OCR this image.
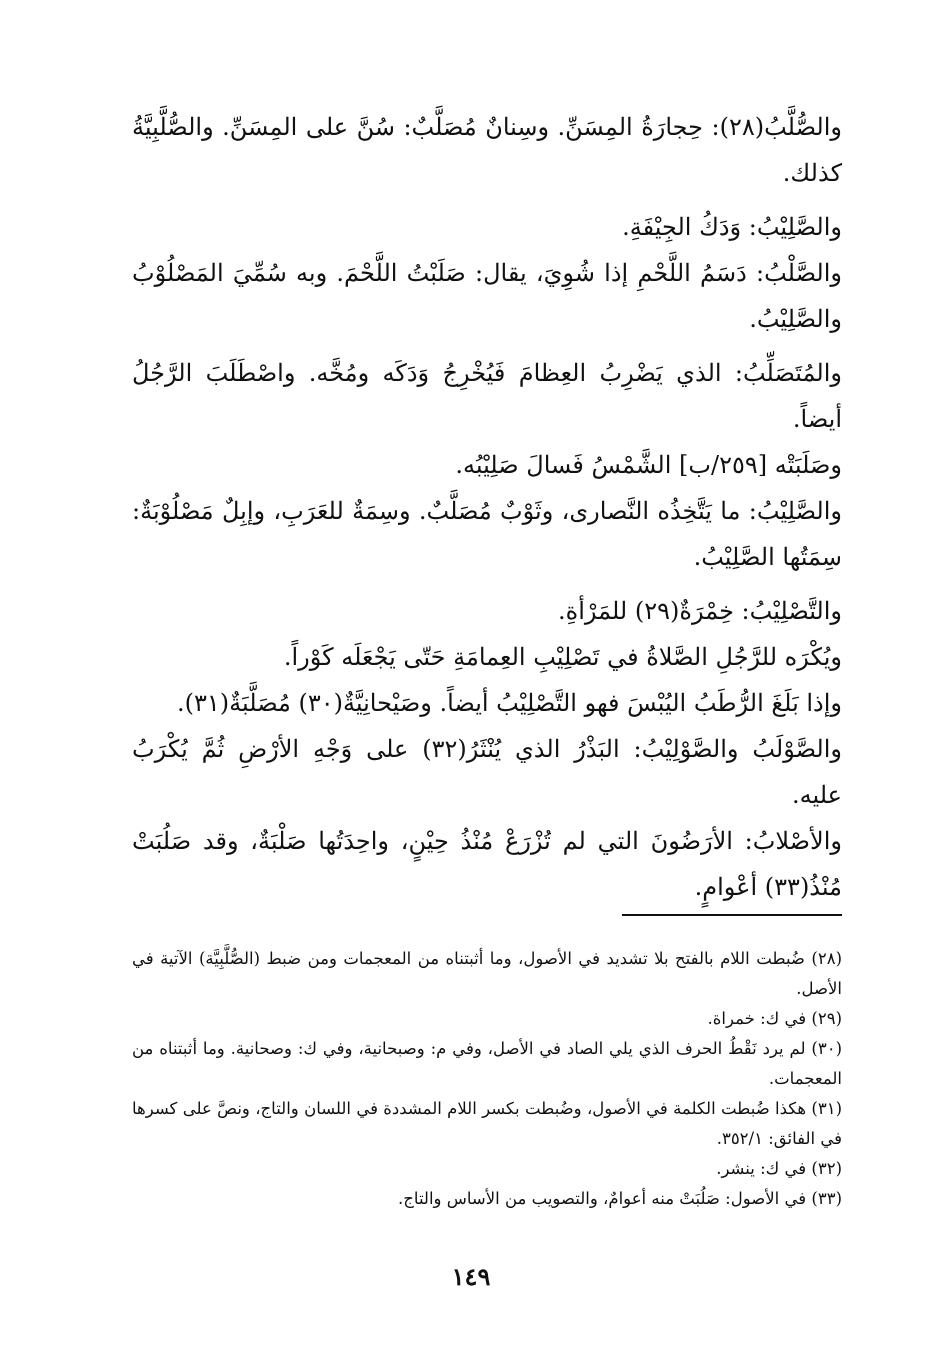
والصُّلَّبُ(٢٨): حِجارَةُ المِسَنِّ. وسِنانٌ مُصَلَّبٌ: سُنَّ على المِسَنِّ. والصُّلَّبِيَّةُ كذلك.

والصَّلِيْبُ: وَدَكُ الجِيْفَةِ.

والصَّلْبُ: دَسَمُ اللَّحْمِ إذا شُوِيَ، يقال: صَلَبْتُ اللَّحْمَ. وبه سُمِّيَ المَصْلُوْبُ والصَّلِيْبُ.

والمُتَصَلِّبُ: الذي يَضْرِبُ العِظامَ فَيُخْرِجُ وَدَكَه ومُخَّه. واصْطَلَبَ الرَّجُلُ أيضاً.

وصَلَبَتْه [٢٥٩/ب] الشَّمْسُ فَسالَ صَلِيْبُه.

والصَّلِيْبُ: ما يَتَّخِذُه النَّصارى، وثَوْبٌ مُصَلَّبٌ. وسِمَةٌ للعَرَبِ، وإبِلٌ مَصْلُوْبَةٌ: سِمَتُها الصَّلِيْبُ.

والتَّصْلِيْبُ: خِمْرَةٌ(٢٩) للمَرْأةِ.

ويُكْرَه للرَّجُلِ الصَّلاةُ في تَصْلِيْبِ العِمامَةِ حَتّى يَجْعَلَه كَوْراً.

وإذا بَلَغَ الرُّطَبُ اليُبْسَ فهو التَّصْلِيْبُ أيضاً. وصَيْحانِيَّةٌ(٣٠) مُصَلَّبَةٌ(٣١).

والصَّوْلَبُ والصَّوْلِيْبُ: البَذْرُ الذي يُنْثَرُ(٣٢) على وَجْهِ الأرْضِ ثُمَّ يُكْرَبُ عليه.

والأصْلابُ: الأرَضُونَ التي لم تُزْرَعْ مُنْذُ حِيْنٍ، واحِدَتُها صَلْبَةٌ، وقد صَلُبَتْ مُنْذُ(٣٣) أعْوامٍ.

(٢٨) ضُبطت اللام بالفتح بلا تشديد في الأصول، وما أثبتناه من المعجمات ومن ضبط (الصُّلَّبِيَّة) الآتية في الأصل.

(٢٩) في ك: خمراة.

(٣٠) لم يرد نَقْطُ الحرف الذي يلي الصاد في الأصل، وفي م: وصبحانية، وفي ك: وصحانية. وما أثبتناه من المعجمات.

(٣١) هكذا ضُبطت الكلمة في الأصول، وضُبطت بكسر اللام المشددة في اللسان والتاج، ونصَّ على كسرها في الفائق: ٣٥٢/١.

(٣٢) في ك: ينشر.

(٣٣) في الأصول: صَلُبَتْ منه أعوامٌ، والتصويب من الأساس والتاج.

١٤٩
